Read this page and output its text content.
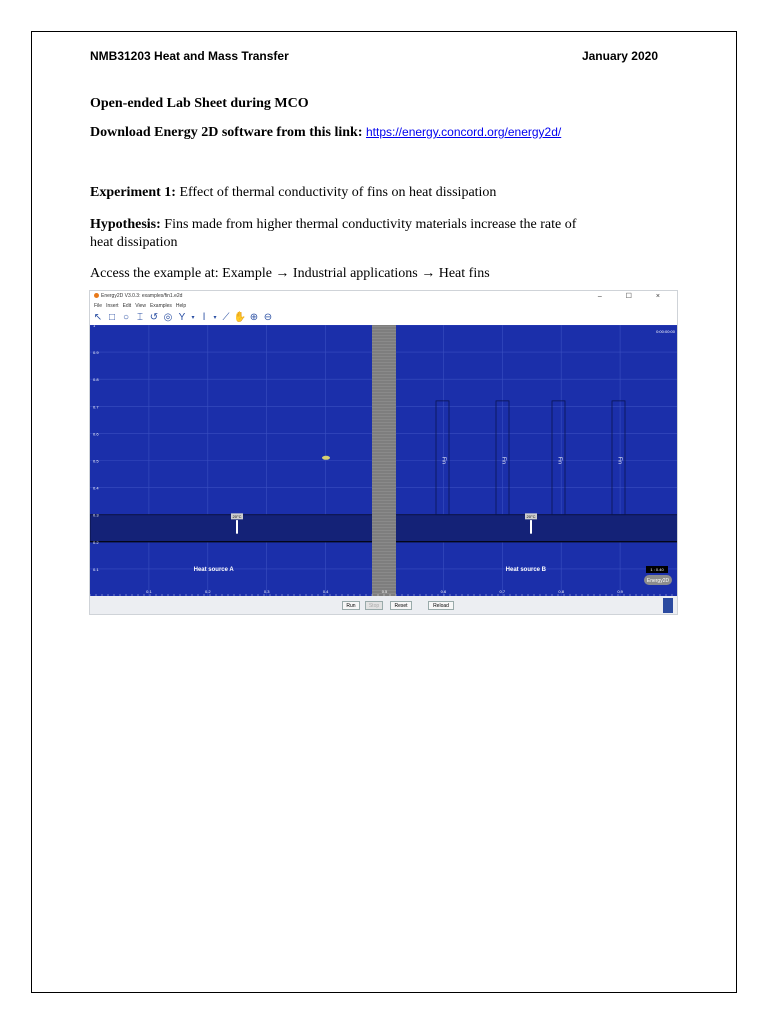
NMB31203 Heat and Mass Transfer	January 2020
Open-ended Lab Sheet during MCO
Download Energy 2D software from this link: https://energy.concord.org/energy2d/
Experiment 1: Effect of thermal conductivity of fins on heat dissipation
Hypothesis: Fins made from higher thermal conductivity materials increase the rate of
heat dissipation
Access the example at: Example → Industrial applications → Heat fins
Energy2D V3.0.3: examples/fin1.e2d	– ☐ ×
File Insert Edit View Examples Help
↖ □ ○ ⌶ ↺ ◎ Y ▾ ǀ	▾ ⟋ ✋ ⊕ ⊖
Fin	Fin	Fin	Fin
20°C	20°C
1
0.9
0.8
0.7
0.6
0.5
0.4
0.3
0.2
0.1
0.1	0.2	0.3	0.4	0.5	0.6	0.7	0.8	0.9
Heat source A	Heat source B
0:00:00:00
1 : 0.40
Energy2D
Run	Stop	Reset	Reload
